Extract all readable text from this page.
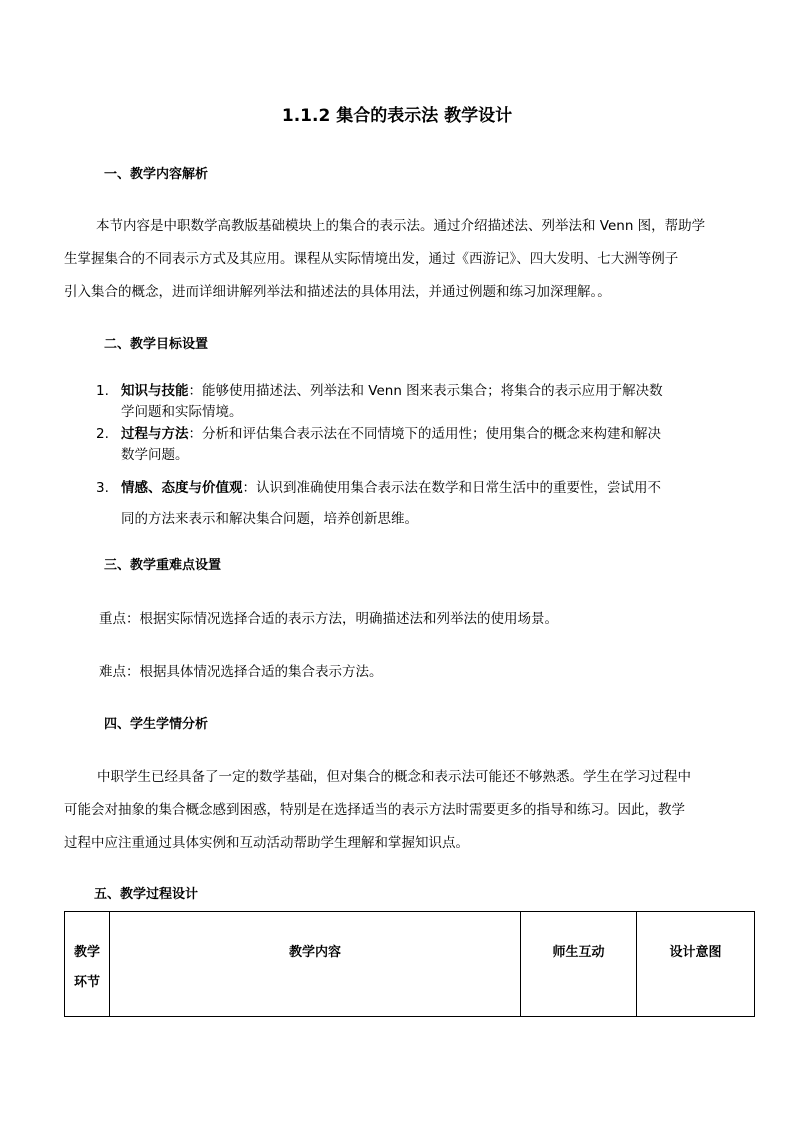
1.1.2 集合的表示法 教学设计
一、教学内容解析
本节内容是中职数学高教版基础模块上的集合的表示法。通过介绍描述法、列举法和 Venn 图，帮助学
生掌握集合的不同表示方式及其应用。课程从实际情境出发，通过《西游记》、四大发明、七大洲等例子
引入集合的概念，进而详细讲解列举法和描述法的具体用法，并通过例题和练习加深理解。。
二、教学目标设置
1. 知识与技能：能够使用描述法、列举法和 Venn 图来表示集合；将集合的表示应用于解决数
学问题和实际情境。
2. 过程与方法：分析和评估集合表示法在不同情境下的适用性；使用集合的概念来构建和解决
数学问题。
3. 情感、态度与价值观：认识到准确使用集合表示法在数学和日常生活中的重要性，尝试用不
同的方法来表示和解决集合问题，培养创新思维。
三、教学重难点设置
重点：根据实际情况选择合适的表示方法，明确描述法和列举法的使用场景。
难点：根据具体情况选择合适的集合表示方法。
四、学生学情分析
中职学生已经具备了一定的数学基础，但对集合的概念和表示法可能还不够熟悉。学生在学习过程中
可能会对抽象的集合概念感到困惑，特别是在选择适当的表示方法时需要更多的指导和练习。因此，教学
过程中应注重通过具体实例和互动活动帮助学生理解和掌握知识点。
五、教学过程设计
教学环节	教学内容	师生互动	设计意图
